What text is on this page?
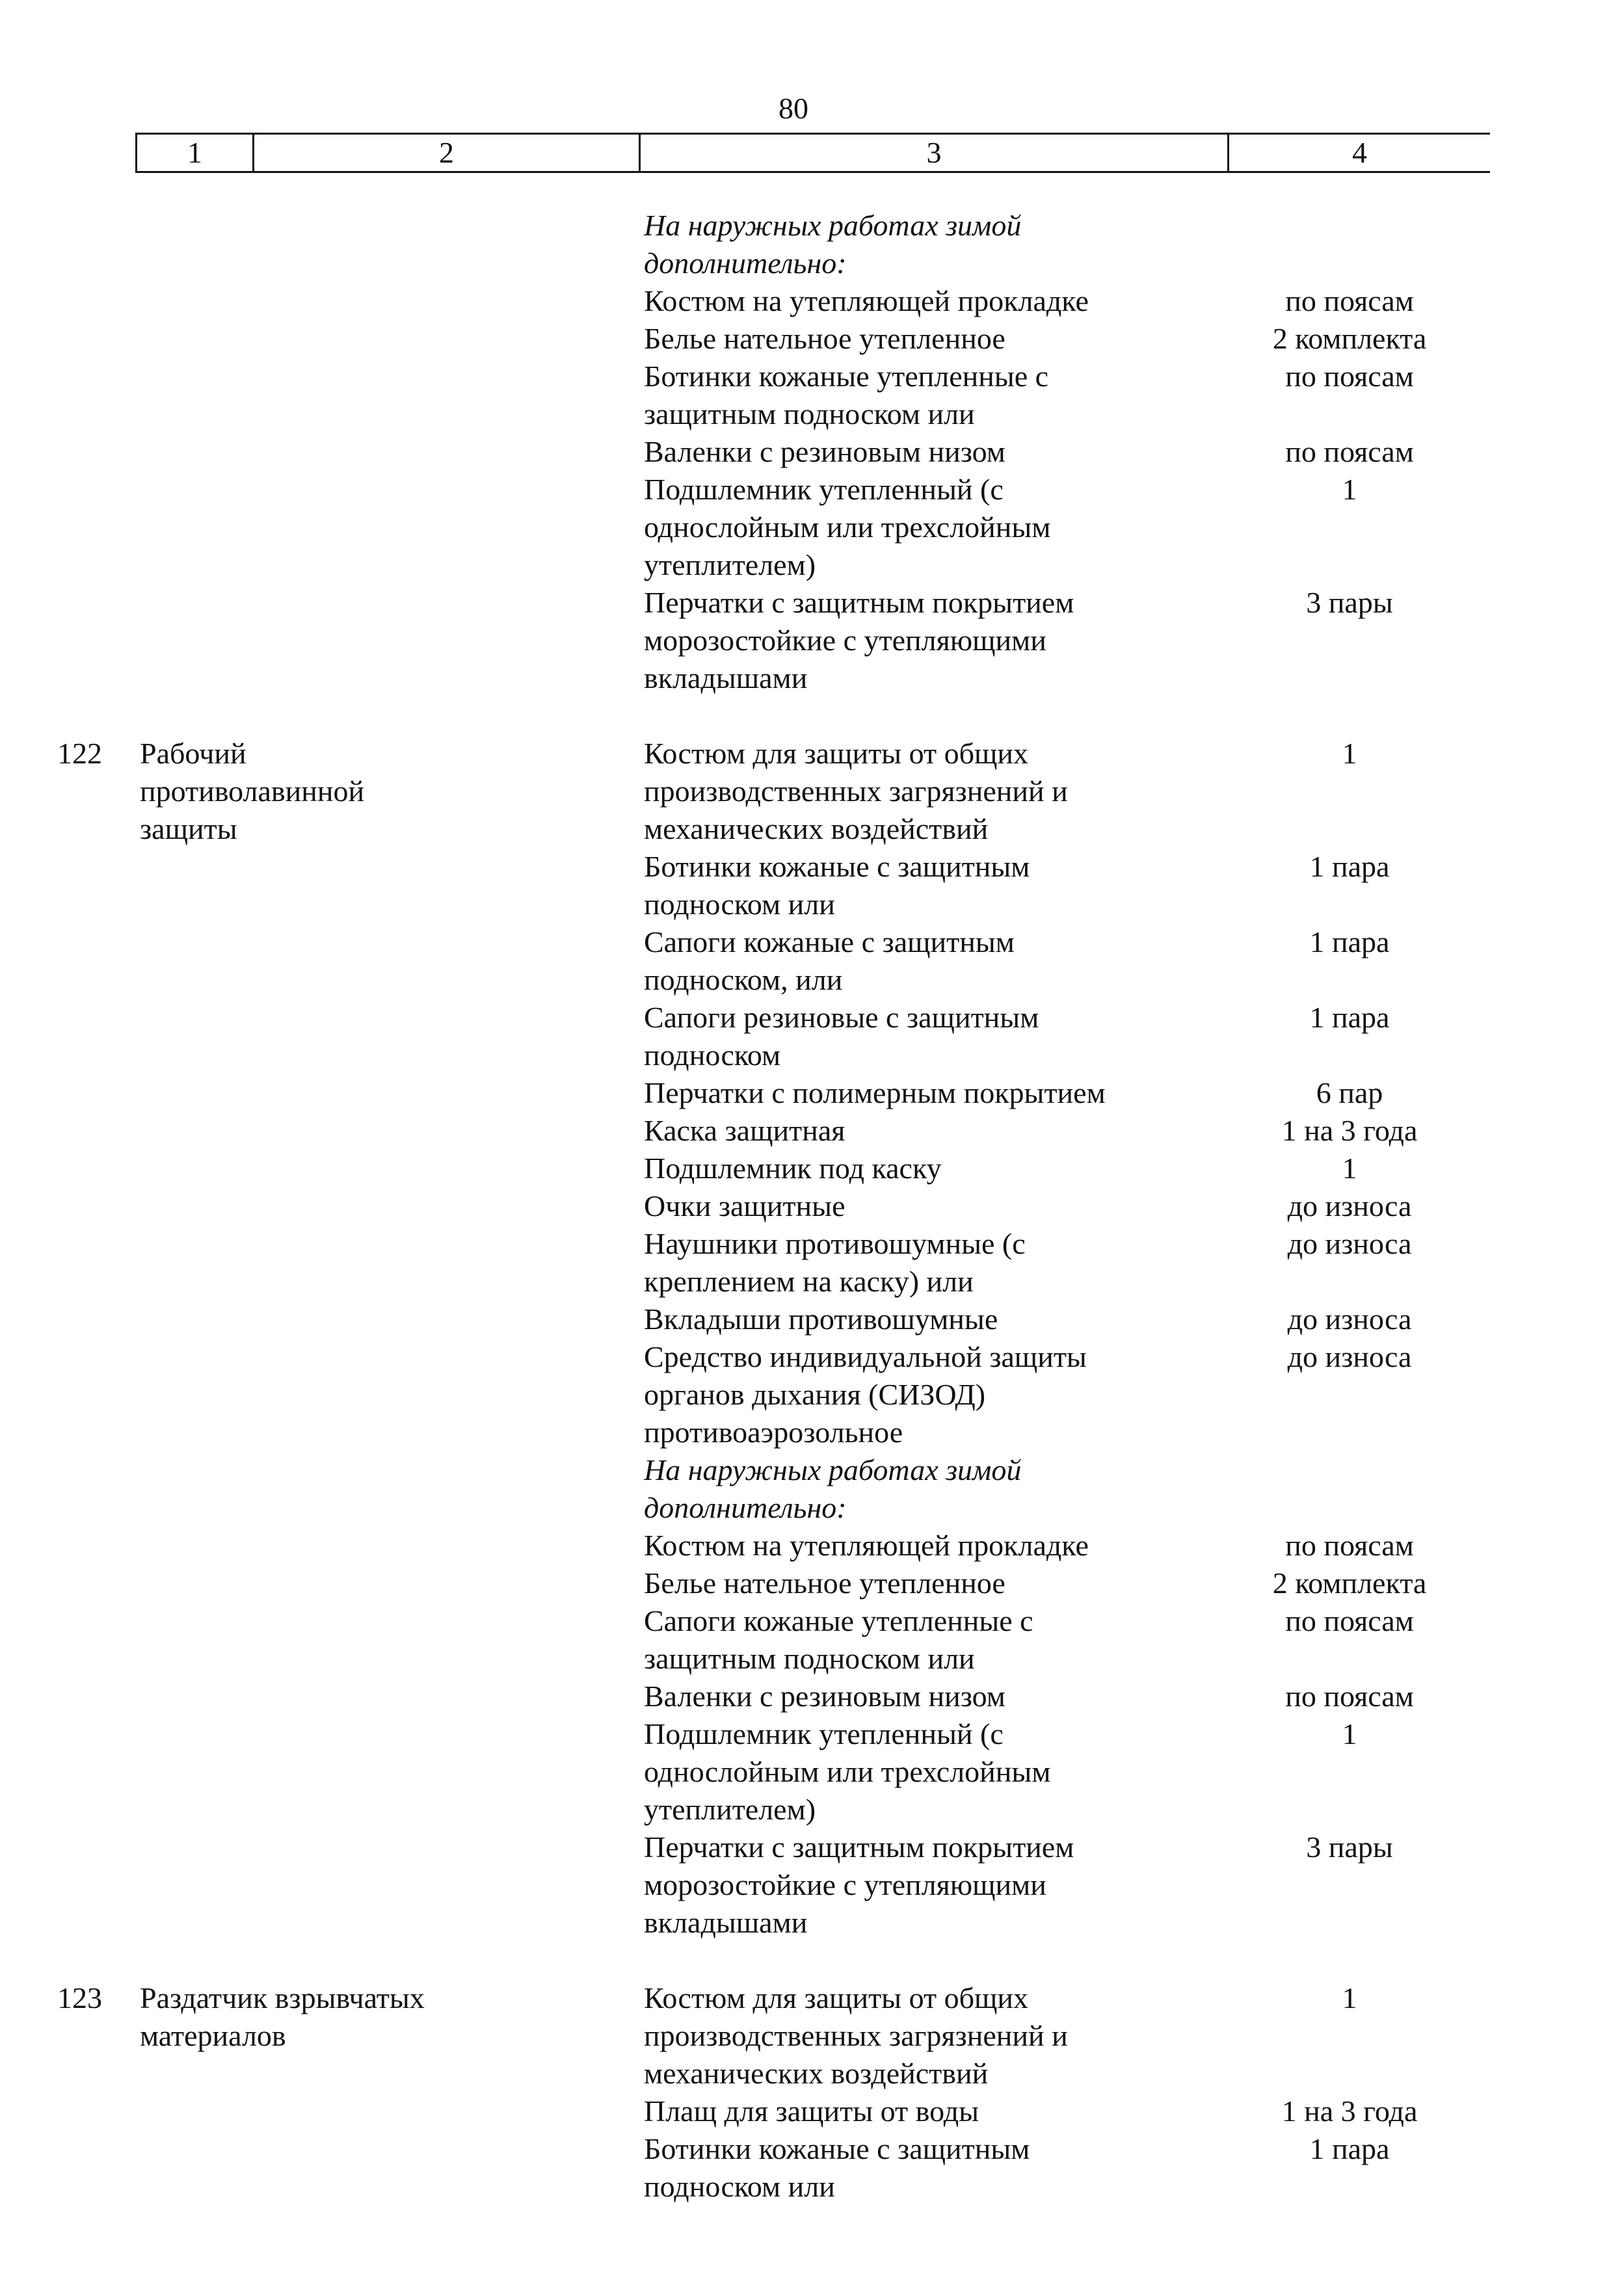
80
1	2	3	4
На наружных работах зимой
дополнительно:
Костюм на утепляющей прокладке	по поясам
Белье нательное утепленное	2 комплекта
Ботинки кожаные утепленные с	по поясам
защитным подноском или
Валенки с резиновым низом	по поясам
Подшлемник утепленный (с	1
однослойным или трехслойным
утеплителем)
Перчатки с защитным покрытием	3 пары
морозостойкие с утепляющими
вкладышами
122	Рабочий	Костюм для защиты от общих	1
противолавинной	производственных загрязнений и
защиты	механических воздействий
Ботинки кожаные с защитным	1 пара
подноском или
Сапоги кожаные с защитным	1 пара
подноском, или
Сапоги резиновые с защитным	1 пара
подноском
Перчатки с полимерным покрытием	6 пар
Каска защитная	1 на 3 года
Подшлемник под каску	1
Очки защитные	до износа
Наушники противошумные (с	до износа
креплением на каску) или
Вкладыши противошумные	до износа
Средство индивидуальной защиты	до износа
органов дыхания (СИЗОД)
противоаэрозольное
На наружных работах зимой
дополнительно:
Костюм на утепляющей прокладке	по поясам
Белье нательное утепленное	2 комплекта
Сапоги кожаные утепленные с	по поясам
защитным подноском или
Валенки с резиновым низом	по поясам
Подшлемник утепленный (с	1
однослойным или трехслойным
утеплителем)
Перчатки с защитным покрытием	3 пары
морозостойкие с утепляющими
вкладышами
123	Раздатчик взрывчатых	Костюм для защиты от общих	1
материалов	производственных загрязнений и
механических воздействий
Плащ для защиты от воды	1 на 3 года
Ботинки кожаные с защитным	1 пара
подноском или
